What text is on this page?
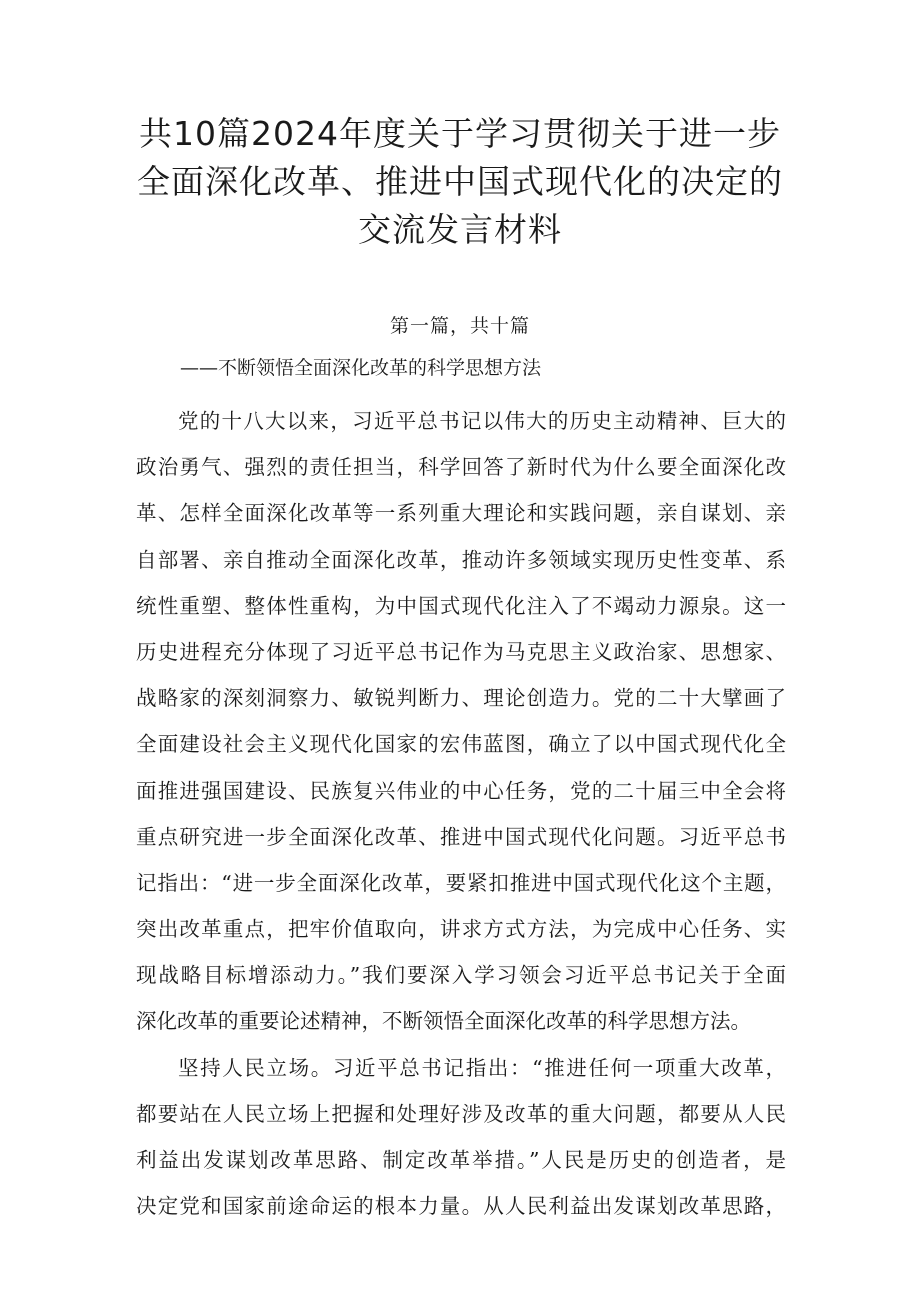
共10篇2024年度关于学习贯彻关于进一步
全面深化改革、推进中国式现代化的决定的
交流发言材料
第一篇，共十篇
——不断领悟全面深化改革的科学思想方法
党的十八大以来，习近平总书记以伟大的历史主动精神、巨大的
政治勇气、强烈的责任担当，科学回答了新时代为什么要全面深化改
革、怎样全面深化改革等一系列重大理论和实践问题，亲自谋划、亲
自部署、亲自推动全面深化改革，推动许多领域实现历史性变革、系
统性重塑、整体性重构，为中国式现代化注入了不竭动力源泉。这一
历史进程充分体现了习近平总书记作为马克思主义政治家、思想家、
战略家的深刻洞察力、敏锐判断力、理论创造力。党的二十大擘画了
全面建设社会主义现代化国家的宏伟蓝图，确立了以中国式现代化全
面推进强国建设、民族复兴伟业的中心任务，党的二十届三中全会将
重点研究进一步全面深化改革、推进中国式现代化问题。习近平总书
记指出：“进一步全面深化改革，要紧扣推进中国式现代化这个主题，
突出改革重点，把牢价值取向，讲求方式方法，为完成中心任务、实
现战略目标增添动力。”我们要深入学习领会习近平总书记关于全面
深化改革的重要论述精神，不断领悟全面深化改革的科学思想方法。
坚持人民立场。习近平总书记指出：“推进任何一项重大改革，
都要站在人民立场上把握和处理好涉及改革的重大问题，都要从人民
利益出发谋划改革思路、制定改革举措。”人民是历史的创造者，是
决定党和国家前途命运的根本力量。从人民利益出发谋划改革思路，
